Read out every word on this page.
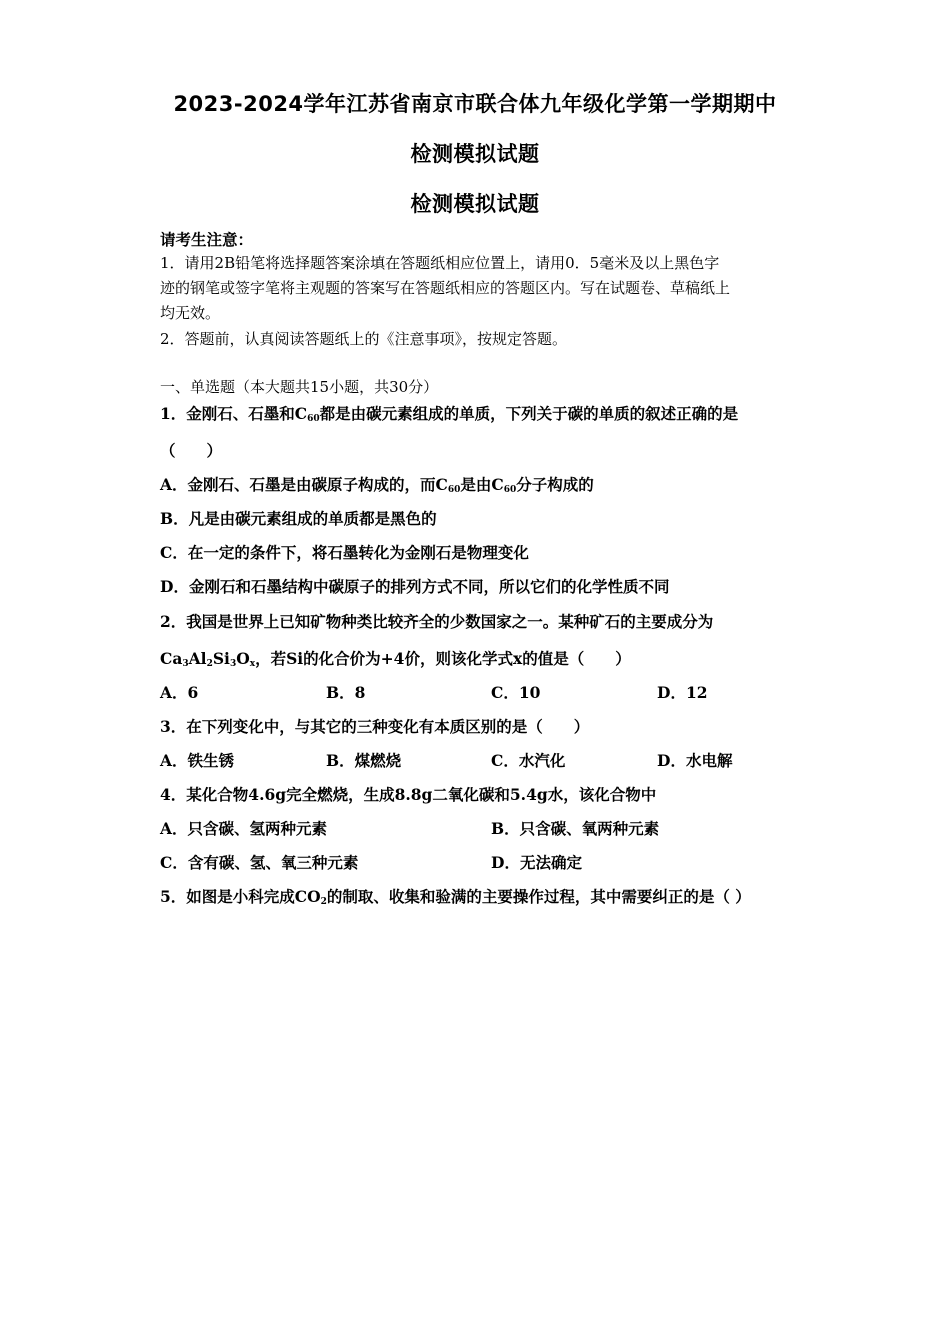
2023-2024学年江苏省南京市联合体九年级化学第一学期期中
检测模拟试题
检测模拟试题
请考生注意：
1．请用2B铅笔将选择题答案涂填在答题纸相应位置上，请用0．5毫米及以上黑色字
迹的钢笔或签字笔将主观题的答案写在答题纸相应的答题区内。写在试题卷、草稿纸上
均无效。
2．答题前，认真阅读答题纸上的《注意事项》，按规定答题。
一、单选题（本大题共15小题，共30分）
1．金刚石、石墨和$C_{60}$都是由碳元素组成的单质，下列关于碳的单质的叙述正确的是
（　　）
A．金刚石、石墨是由碳原子构成的，而$C_{60}$是由$C_{60}$分子构成的
B．凡是由碳元素组成的单质都是黑色的
C．在一定的条件下，将石墨转化为金刚石是物理变化
D．金刚石和石墨结构中碳原子的排列方式不同，所以它们的化学性质不同
2．我国是世界上已知矿物种类比较齐全的少数国家之一。某种矿石的主要成分为
$Ca_3Al_2Si_3O_x$，若Si的化合价为+4价，则该化学式x的值是（　　）
A．6	B．8	C．10	D．12
3．在下列变化中，与其它的三种变化有本质区别的是（　　）
A．铁生锈	B．煤燃烧	C．水汽化	D．水电解
4．某化合物4.6g完全燃烧，生成8.8g二氧化碳和5.4g水，该化合物中
A．只含碳、氢两种元素	B．只含碳、氧两种元素
C．含有碳、氢、氧三种元素	D．无法确定
5．如图是小科完成$CO_2$的制取、收集和验满的主要操作过程，其中需要纠正的是（ ）
